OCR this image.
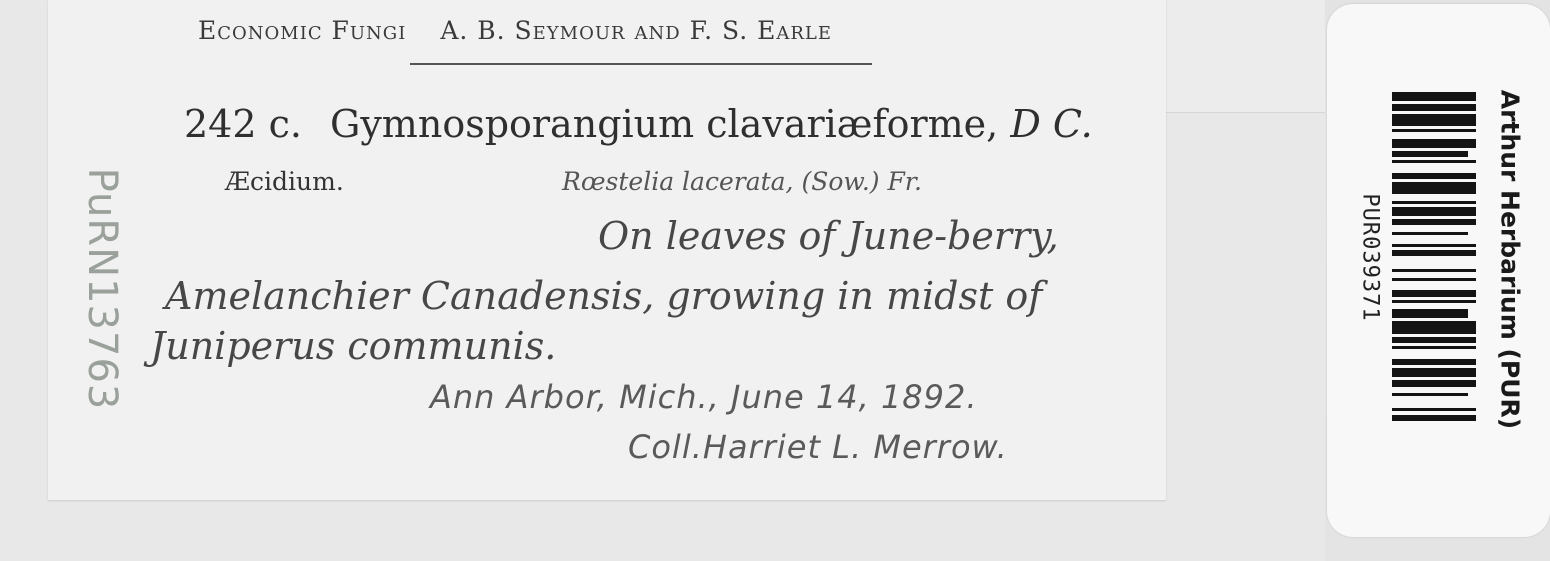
Economic Fungi A. B. Seymour and F. S. Earle
242 c. Gymnosporangium clavariæforme, D C.
Æcidium.	Rœstelia lacerata, (Sow.) Fr.
On leaves of June-berry,
Amelanchier Canadensis, growing in midst of
Juniperus communis.
Ann Arbor, Mich., June 14, 1892.
Coll.Harriet L. Merrow.
PuRN13763	PUR039371	Arthur Herbarium (PUR)
